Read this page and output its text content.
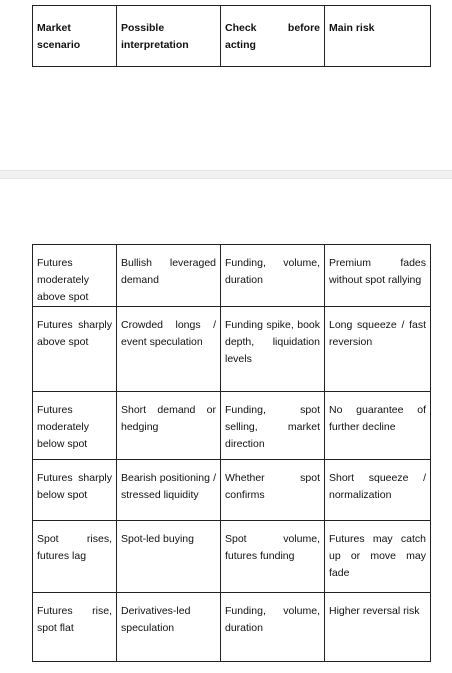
Market scenario	Possible interpretation	Check before acting	Main risk
Futures moderately above spot	Bullish leveraged demand	Funding, volume, duration	Premium fades without spot rallying
Futures sharply above spot	Crowded longs / event speculation	Funding spike, book depth, liquidation levels	Long squeeze / fast reversion
Futures moderately below spot	Short demand or hedging	Funding, spot selling, market direction	No guarantee of further decline
Futures sharply below spot	Bearish positioning / stressed liquidity	Whether spot confirms	Short squeeze / normalization
Spot rises, futures lag	Spot-led buying	Spot volume, futures funding	Futures may catch up or move may fade
Futures rise, spot flat	Derivatives-led speculation	Funding, volume, duration	Higher reversal risk
